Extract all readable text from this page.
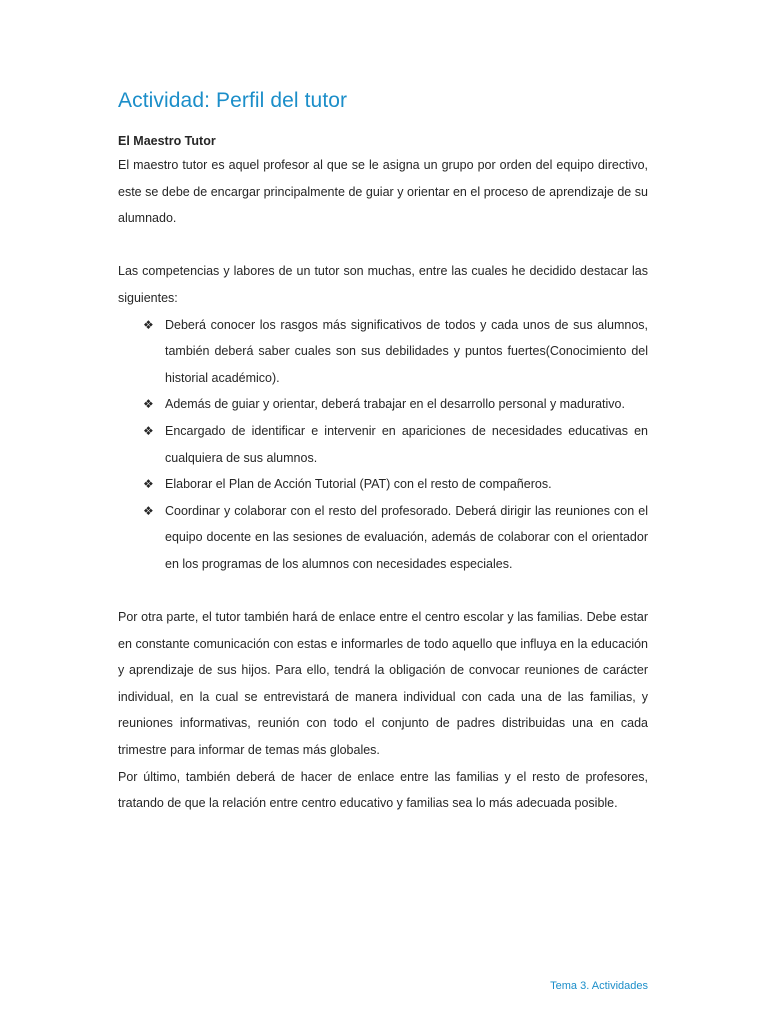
Actividad: Perfil del tutor
El Maestro Tutor

El maestro tutor es aquel profesor al que se le asigna un grupo por orden del equipo directivo, este se debe de encargar principalmente de guiar y orientar en el proceso de aprendizaje de su alumnado.

Las competencias y labores de un tutor son muchas, entre las cuales he decidido destacar las siguientes:

❖ Deberá conocer los rasgos más significativos de todos y cada unos de sus alumnos, también deberá saber cuales son sus debilidades y puntos fuertes(Conocimiento del historial académico).
❖ Además de guiar y orientar, deberá trabajar en el desarrollo personal y madurativo.
❖ Encargado de identificar e intervenir en apariciones de necesidades educativas en cualquiera de sus alumnos.
❖ Elaborar el Plan de Acción Tutorial (PAT) con el resto de compañeros.
❖ Coordinar y colaborar con el resto del profesorado. Deberá dirigir las reuniones con el equipo docente en las sesiones de evaluación, además de colaborar con el orientador en los programas de los alumnos con necesidades especiales.

Por otra parte, el tutor también hará de enlace entre el centro escolar y las familias. Debe estar en constante comunicación con estas e informarles de todo aquello que influya en la educación y aprendizaje de sus hijos. Para ello, tendrá la obligación de convocar reuniones de carácter individual, en la cual se entrevistará de manera individual con cada una de las familias, y reuniones informativas, reunión con todo el conjunto de padres distribuidas una en cada trimestre para informar de temas más globales.

Por último, también deberá de hacer de enlace entre las familias y el resto de profesores, tratando de que la relación entre centro educativo y familias sea lo más adecuada posible.

Tema 3. Actividades
